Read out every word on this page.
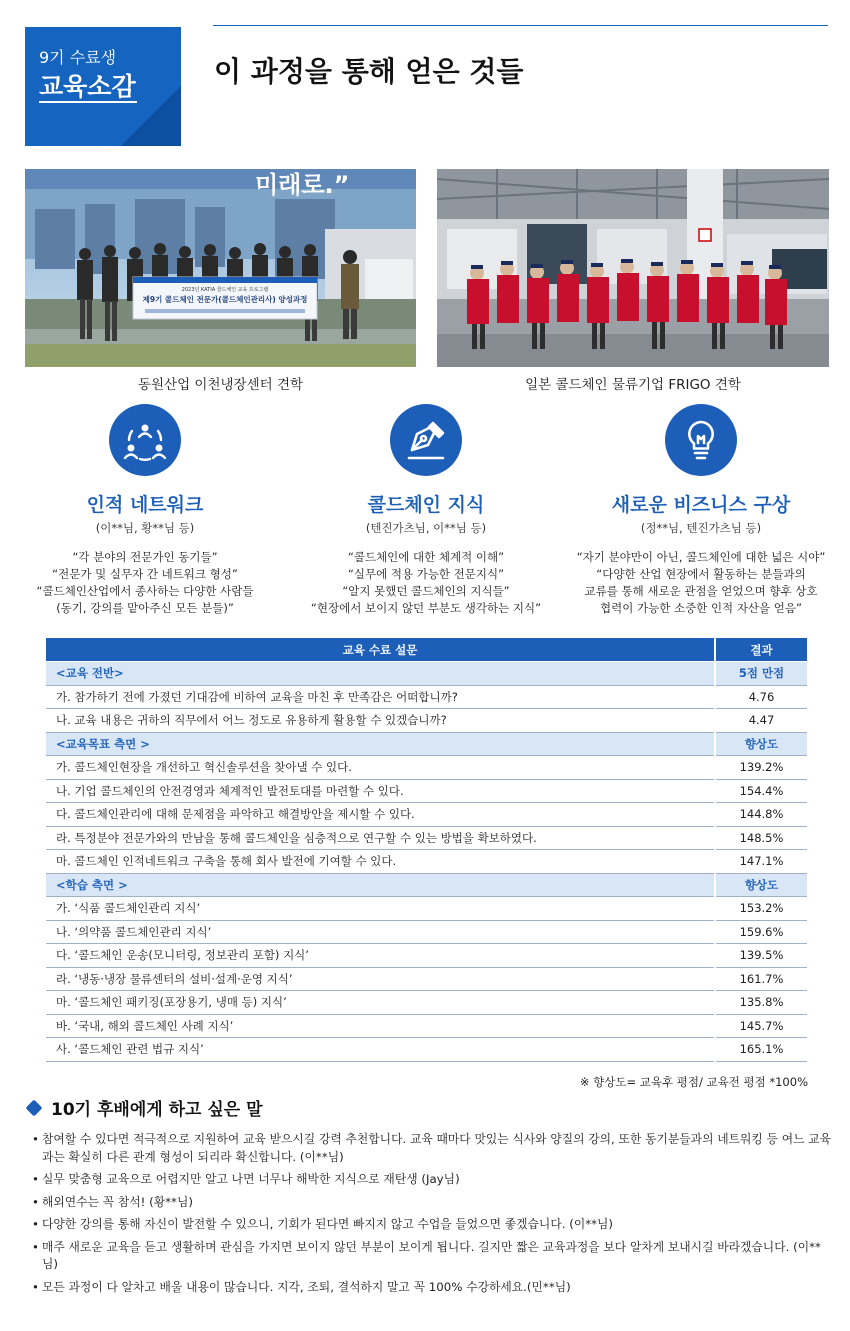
9기 수료생
교육소감	이 과정을 통해 얻은 것들
미래로.”
2023년 KATIA 콜드체인 교육 프로그램
제9기 콜드체인 전문가(콜드체인관리사) 양성과정
동원산업 이천냉장센터 견학	일본 콜드체인 물류기업 FRIGO 견학
인적 네트워크
(이**님, 황**님 등)
“각 분야의 전문가인 동기들”
“전문가 및 실무자 간 네트워크 형성”
“콜드체인산업에서 종사하는 다양한 사람들
(동기, 강의를 맡아주신 모든 분들)”
콜드체인 지식
(텐진가츠님, 이**님 등)
“콜드체인에 대한 체계적 이해”
“실무에 적용 가능한 전문지식”
“알지 못했던 콜드체인의 지식들”
“현장에서 보이지 않던 부분도 생각하는 지식”
새로운 비즈니스 구상
(정**님, 텐진가츠님 등)
“자기 분야만이 아닌, 콜드체인에 대한 넓은 시야”
“다양한 산업 현장에서 활동하는 분들과의
교류를 통해 새로운 관점을 얻었으며 향후 상호
협력이 가능한 소중한 인적 자산을 얻음”
교육 수료 설문	결과
<교육 전반>	5점 만점
가. 참가하기 전에 가졌던 기대감에 비하여 교육을 마친 후 만족감은 어떠합니까?	4.76
나. 교육 내용은 귀하의 직무에서 어느 정도로 유용하게 활용할 수 있겠습니까?	4.47
<교육목표 측면 >	향상도
가. 콜드체인현장을 개선하고 혁신솔루션을 찾아낼 수 있다.	139.2%
나. 기업 콜드체인의 안전경영과 체계적인 발전토대를 마련할 수 있다.	154.4%
다. 콜드체인관리에 대해 문제점을 파악하고 해결방안을 제시할 수 있다.	144.8%
라. 특정분야 전문가와의 만남을 통해 콜드체인을 심층적으로 연구할 수 있는 방법을 확보하였다.	148.5%
마. 콜드체인 인적네트워크 구축을 통해 회사 발전에 기여할 수 있다.	147.1%
<학습 측면 >	향상도
가. ‘식품 콜드체인관리 지식’	153.2%
나. ‘의약품 콜드체인관리 지식’	159.6%
다. ‘콜드체인 운송(모니터링, 정보관리 포함) 지식’	139.5%
라. ‘냉동·냉장 물류센터의 설비·설계·운영 지식’	161.7%
마. ‘콜드체인 패키징(포장용기, 냉매 등) 지식’	135.8%
바. ‘국내, 해외 콜드체인 사례 지식’	145.7%
사. ‘콜드체인 관련 법규 지식’	165.1%
※ 향상도= 교육후 평점/ 교육전 평점 *100%
10기 후배에게 하고 싶은 말
• 참여할 수 있다면 적극적으로 지원하여 교육 받으시길 강력 추천합니다. 교육 때마다 맛있는 식사와 양질의 강의, 또한 동기분들과의 네트워킹 등 여느 교육과는 확실히 다른 관계 형성이 되리라 확신합니다. (이**님)
• 실무 맞춤형 교육으로 어렵지만 알고 나면 너무나 해박한 지식으로 재탄생 (Jay님)
• 해외연수는 꼭 참석! (황**님)
• 다양한 강의를 통해 자신이 발전할 수 있으니, 기회가 된다면 빠지지 않고 수업을 들었으면 좋겠습니다. (이**님)
• 매주 새로운 교육을 듣고 생활하며 관심을 가지면 보이지 않던 부분이 보이게 됩니다. 길지만 짧은 교육과정을 보다 알차게 보내시길 바라겠습니다. (이**님)
• 모든 과정이 다 알차고 배울 내용이 많습니다. 지각, 조퇴, 결석하지 말고 꼭 100% 수강하세요.(민**님)
